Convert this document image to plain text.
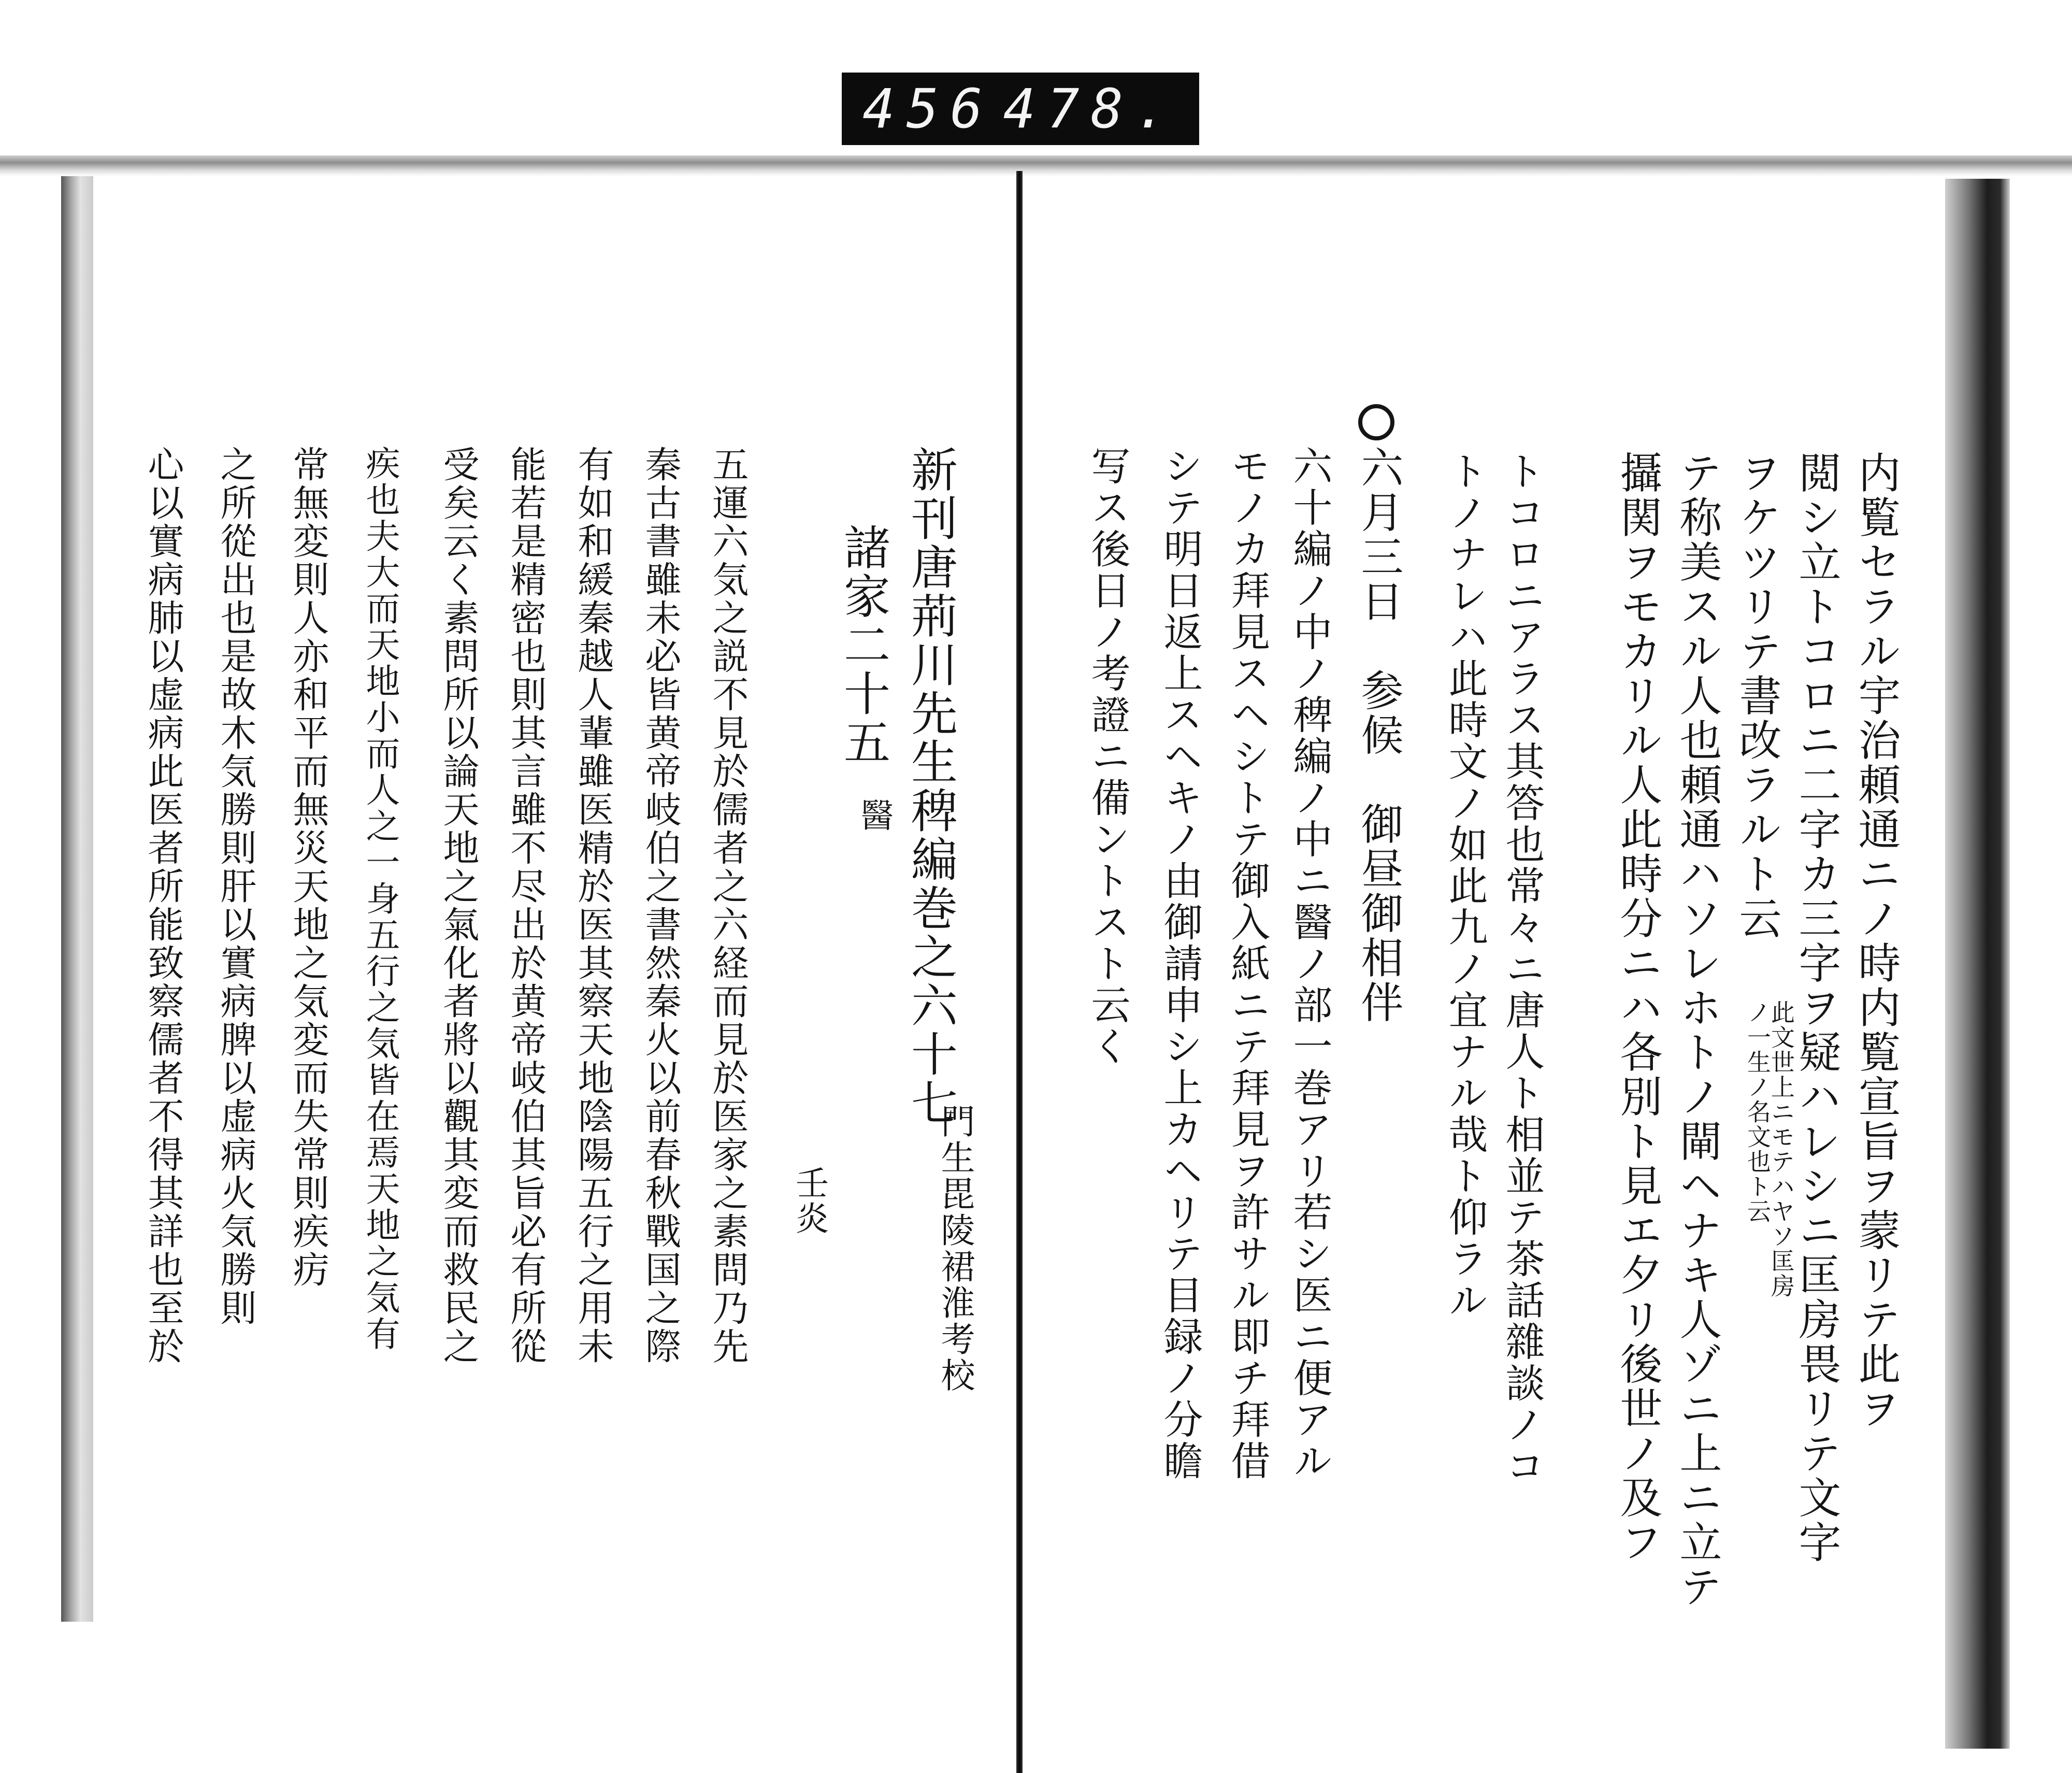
456 478.
内覧セラル宇治頼通ニノ時内覧宣旨ヲ蒙リテ此ヲ
閲シ立トコロニ二字カ三字ヲ疑ハレシニ匡房畏リテ文字
ヲケツリテ書改ラルト云
此文世上ニモテハヤソ匡房ノ一生ノ名文也ト云
テ称美スル人也頼通ハソレホトノ閘ヘナキ人ゾニ上ニ立テ
攝関ヲモカリル人此時分ニハ各別ト見エ夕リ後世ノ及フ
トコロニアラス其答也常々ニ唐人ト相並テ茶話雜談ノコ
トノナレハ此時文ノ如此九ノ宜ナル哉ト仰ラル
六月三日　参候　御昼御相伴
六十編ノ中ノ稗編ノ中ニ醫ノ部一巻アリ若シ医ニ便アル
モノカ拜見スヘシトテ御入紙ニテ拜見ヲ許サル即チ拜借
シテ明日返上スヘキノ由御請申シ上カヘリテ目録ノ分瞻
写ス後日ノ考證ニ備ントスト云く
新刊唐荊川先生稗編巻之六十七
諸家二十五
醫
門生毘陵裙淮考校
壬炎
五運六気之説不見於儒者之六経而見於医家之素問乃先
秦古書雖未必皆黄帝岐伯之書然秦火以前春秋戰国之際
有如和緩秦越人輩雖医精於医其察天地陰陽五行之用未
能若是精密也則其言雖不尽出於黄帝岐伯其旨必有所從
受矣云く素問所以論天地之氣化者將以觀其変而救民之
疾也夫大而天地小而人之一身五行之気皆在焉天地之気有
常無変則人亦和平而無災天地之気変而失常則疾疠
之所從出也是故木気勝則肝以實病脾以虚病火気勝則
心以實病肺以虚病此医者所能致察儒者不得其詳也至於
